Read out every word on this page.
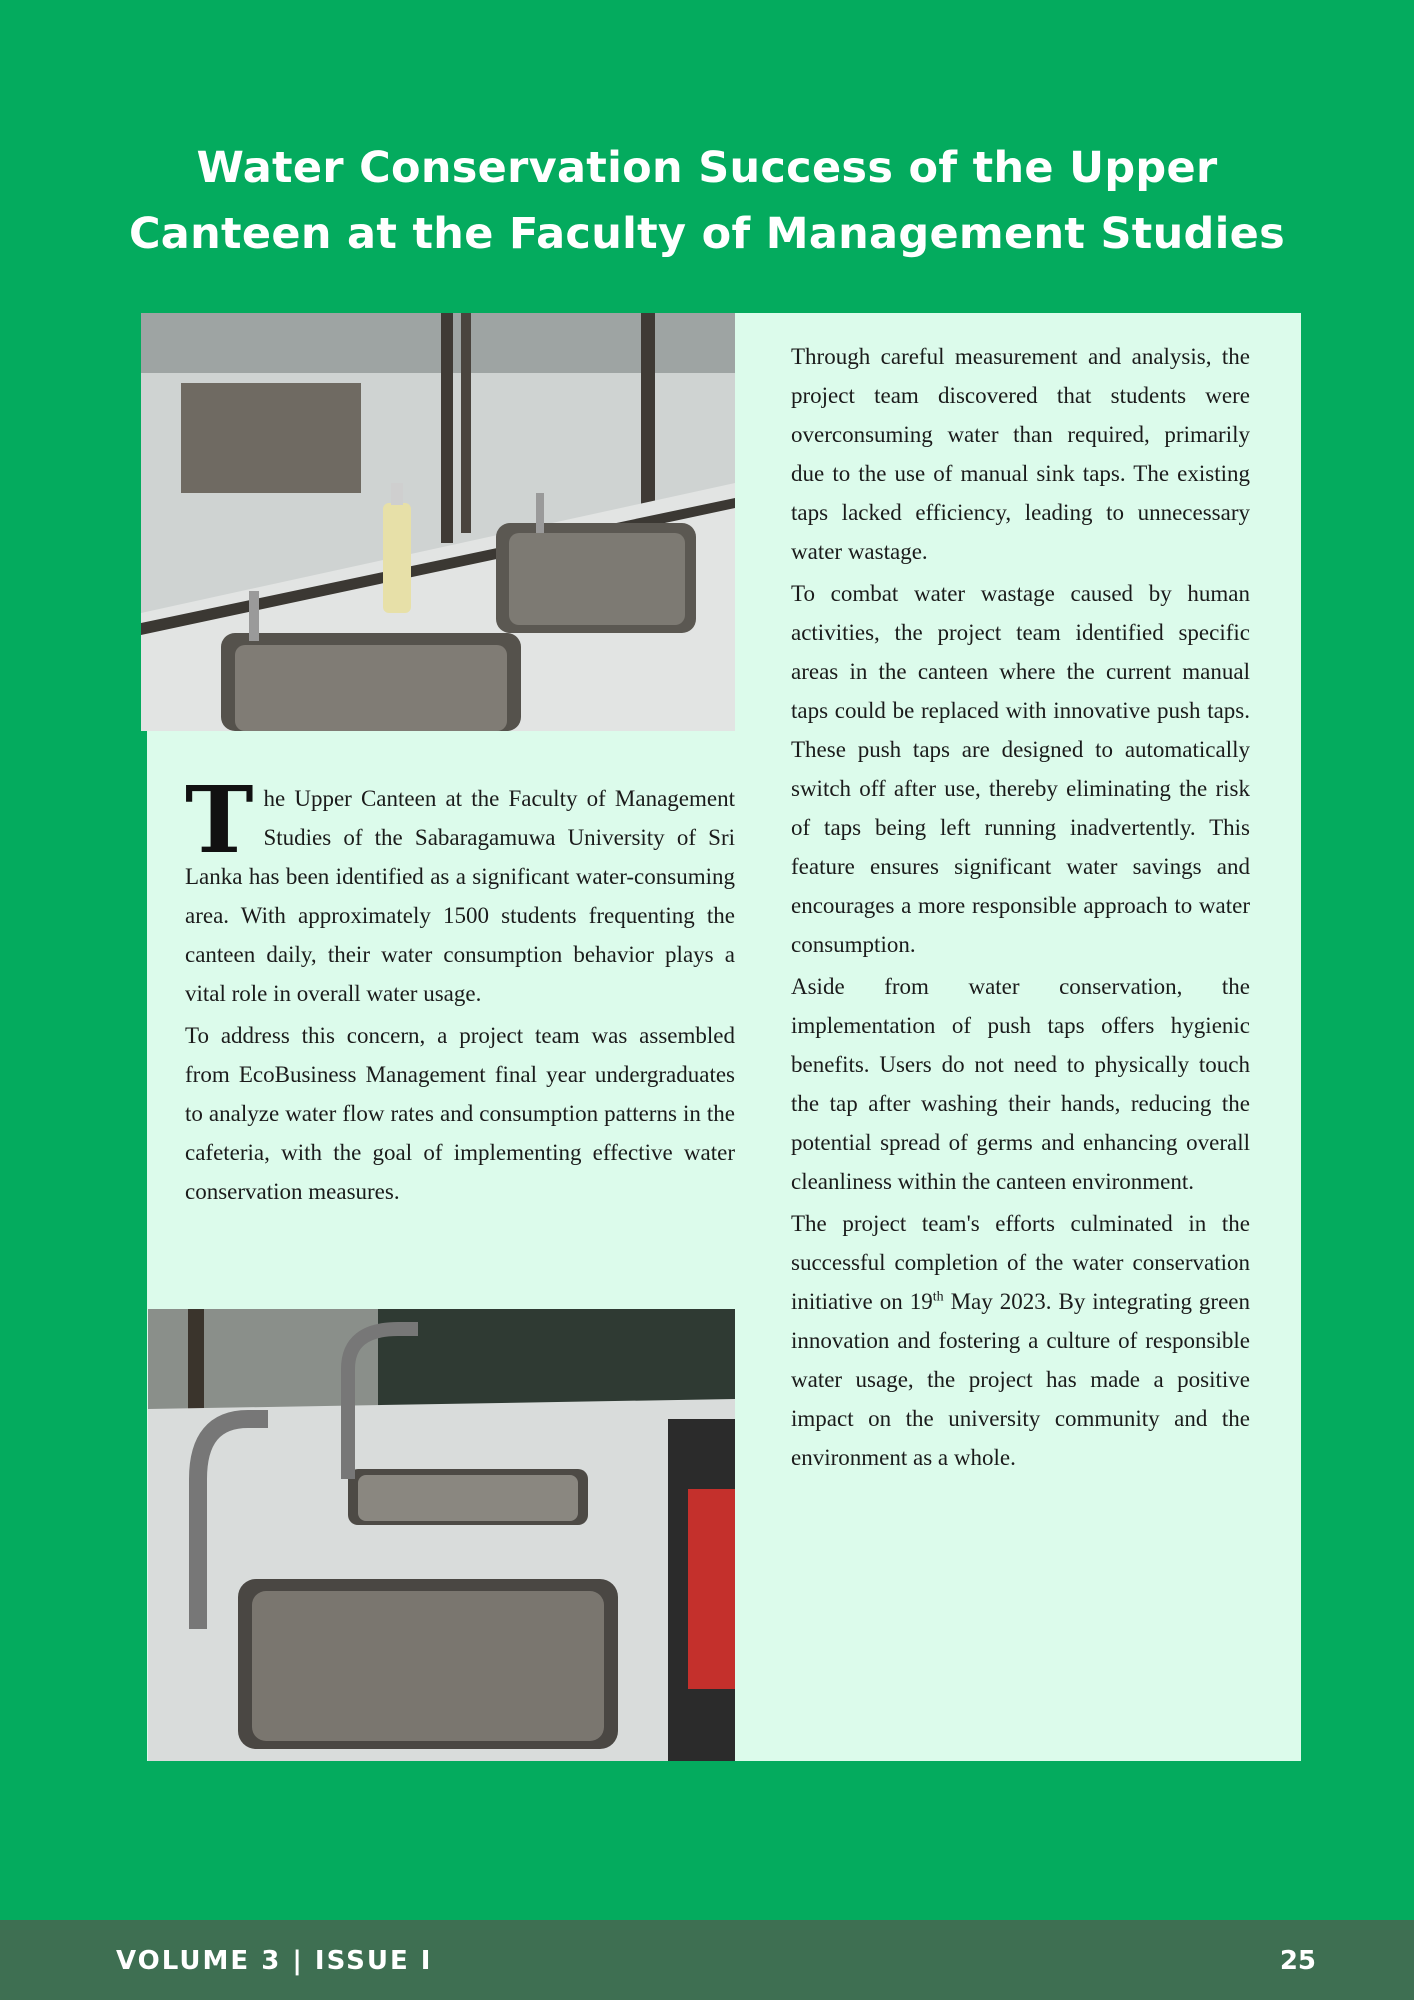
Water Conservation Success of the Upper
Canteen at the Faculty of Management Studies

The Upper Canteen at the Faculty of Management Studies of the Sabaragamuwa University of Sri Lanka has been identified as a significant water-consuming area. With approximately 1500 students frequenting the canteen daily, their water consumption behavior plays a vital role in overall water usage.

To address this concern, a project team was assembled from EcoBusiness Management final year undergraduates to analyze water flow rates and consumption patterns in the cafeteria, with the goal of implementing effective water conservation measures.

Through careful measurement and analysis, the project team discovered that students were overconsuming water than required, primarily due to the use of manual sink taps. The existing taps lacked efficiency, leading to unnecessary water wastage.

To combat water wastage caused by human activities, the project team identified specific areas in the canteen where the current manual taps could be replaced with innovative push taps. These push taps are designed to automatically switch off after use, thereby eliminating the risk of taps being left running inadvertently. This feature ensures significant water savings and encourages a more responsible approach to water consumption.

Aside from water conservation, the implementation of push taps offers hygienic benefits. Users do not need to physically touch the tap after washing their hands, reducing the potential spread of germs and enhancing overall cleanliness within the canteen environment.

The project team's efforts culminated in the successful completion of the water conservation initiative on 19th May 2023. By integrating green innovation and fostering a culture of responsible water usage, the project has made a positive impact on the university community and the environment as a whole.

VOLUME 3 | ISSUE I	25
